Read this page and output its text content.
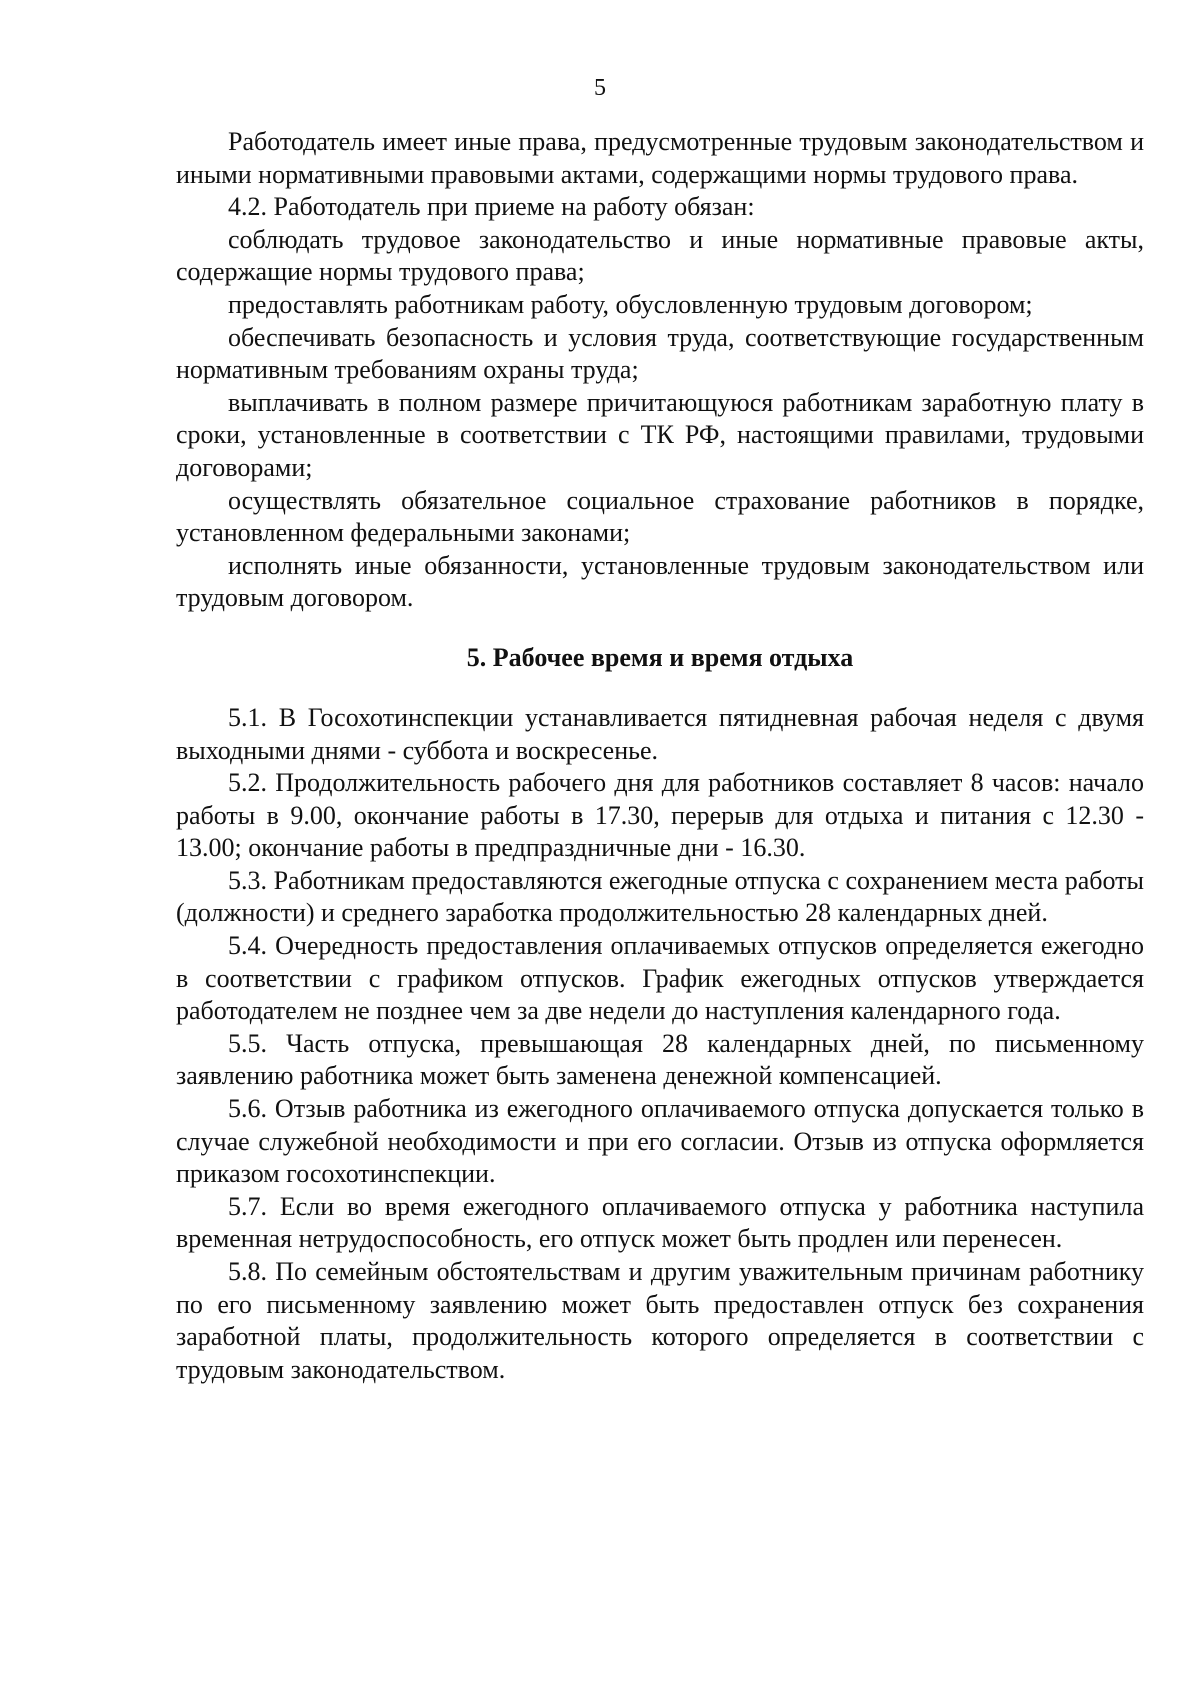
5

Работодатель имеет иные права, предусмотренные трудовым законодательством и иными нормативными правовыми актами, содержащими нормы трудового права.

4.2. Работодатель при приеме на работу обязан:

соблюдать трудовое законодательство и иные нормативные правовые акты, содержащие нормы трудового права;

предоставлять работникам работу, обусловленную трудовым договором;

обеспечивать безопасность и условия труда, соответствующие государственным нормативным требованиям охраны труда;

выплачивать в полном размере причитающуюся работникам заработную плату в сроки, установленные в соответствии с ТК РФ, настоящими правилами, трудовыми договорами;

осуществлять обязательное социальное страхование работников в порядке, установленном федеральными законами;

исполнять иные обязанности, установленные трудовым законодательством или трудовым договором.

5. Рабочее время и время отдыха

5.1. В Госохотинспекции устанавливается пятидневная рабочая неделя с двумя выходными днями - суббота и воскресенье.

5.2. Продолжительность рабочего дня для работников составляет 8 часов: начало работы в 9.00, окончание работы в 17.30, перерыв для отдыха и питания с 12.30 - 13.00; окончание работы в предпраздничные дни - 16.30.

5.3. Работникам предоставляются ежегодные отпуска с сохранением места работы (должности) и среднего заработка продолжительностью 28 календарных дней.

5.4. Очередность предоставления оплачиваемых отпусков определяется ежегодно в соответствии с графиком отпусков. График ежегодных отпусков утверждается работодателем не позднее чем за две недели до наступления календарного года.

5.5. Часть отпуска, превышающая 28 календарных дней, по письменному заявлению работника может быть заменена денежной компенсацией.

5.6. Отзыв работника из ежегодного оплачиваемого отпуска допускается только в случае служебной необходимости и при его согласии. Отзыв из отпуска оформляется приказом госохотинспекции.

5.7. Если во время ежегодного оплачиваемого отпуска у работника наступила временная нетрудоспособность, его отпуск может быть продлен или перенесен.

5.8. По семейным обстоятельствам и другим уважительным причинам работнику по его письменному заявлению может быть предоставлен отпуск без сохранения заработной платы, продолжительность которого определяется в соответствии с трудовым законодательством.
